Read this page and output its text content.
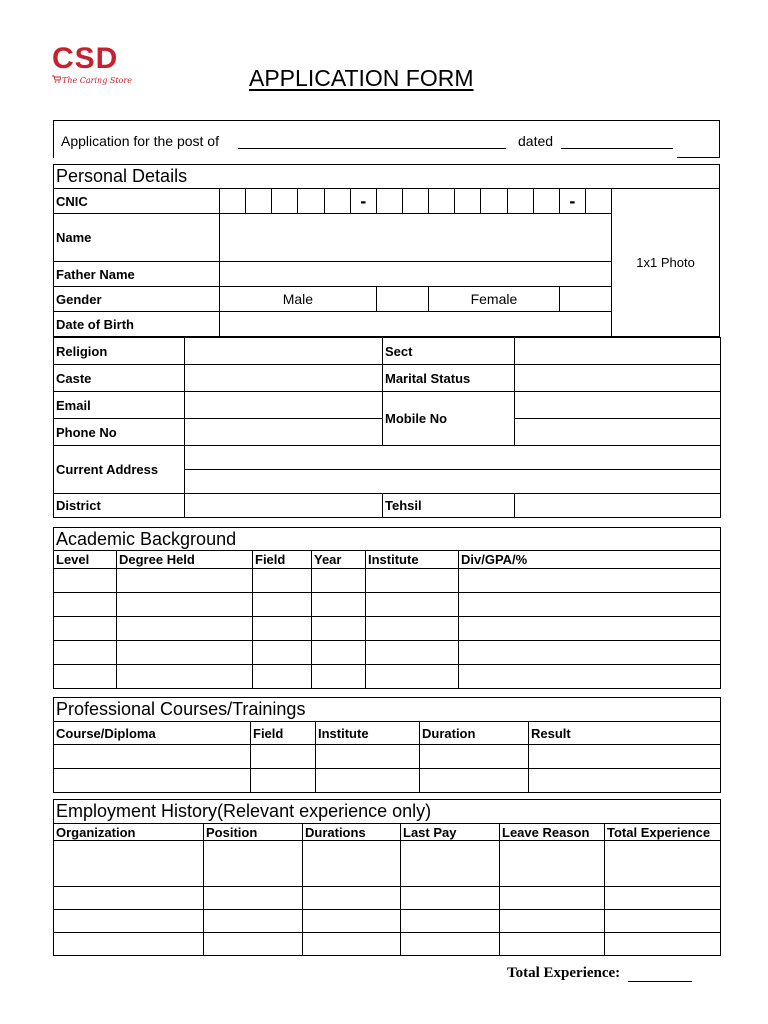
CSD
The Caring Store	APPLICATION FORM
Application for the post of	dated
Personal Details																
CNIC						-								-		1x1 Photo
Name																
Father Name																
Gender	Male								Female							
Date of Birth																
Religion		Sect	
Caste		Marital Status	
Email		Mobile No	
Phone No			
Current Address			

District		Tehsil	
Academic Background					
Level	Degree Held	Field	Year	Institute	Div/GPA/%

Professional Courses/Trainings				
Course/Diploma	Field	Institute	Duration	Result

Employment History(Relevant experience only)					
Organization	Position	Durations	Last Pay	Leave Reason	Total Experience

Total Experience:
